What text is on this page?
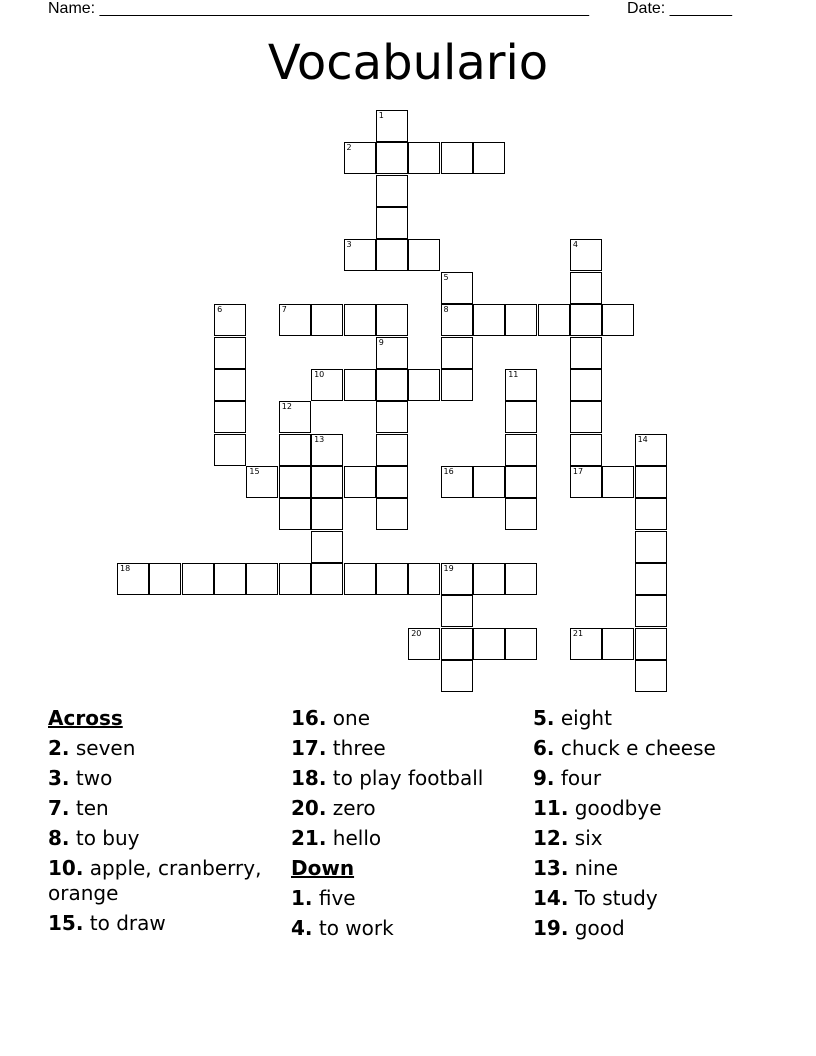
Name: _______________________________________________________ Date: _______
Vocabulario
1
2
3	4
5
6	7	8
9
10	11
12
13	14
15	16	17
18	19
20	21
Across
2. seven
3. two
7. ten
8. to buy
10. apple, cranberry, orange
15. to draw
16. one
17. three
18. to play football
20. zero
21. hello
Down
1. five
4. to work
5. eight
6. chuck e cheese
9. four
11. goodbye
12. six
13. nine
14. To study
19. good
